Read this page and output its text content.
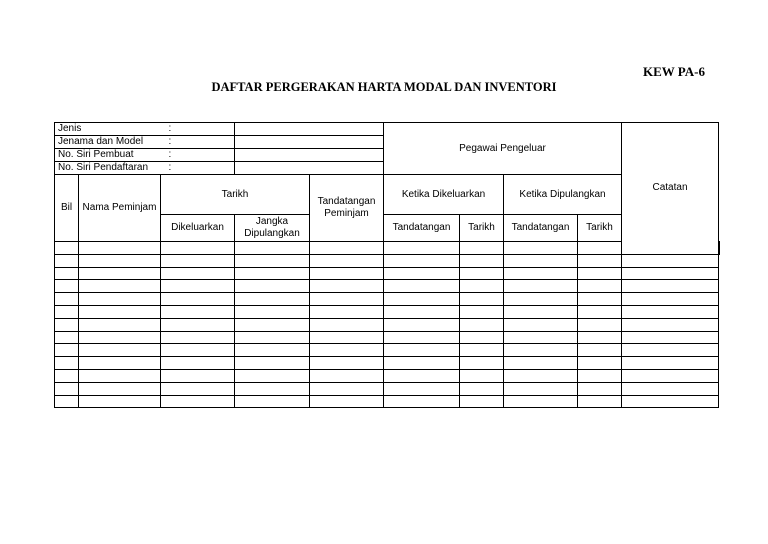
KEW PA-6
DAFTAR PERGERAKAN HARTA MODAL DAN INVENTORI
Jenis :					Pegawai Pengeluar				Catatan	
Jenama dan Model :										

No. Siri Pembuat :										

No. Siri Pendaftaran :										

Bil	Nama Peminjam	Tarikh		Tandatangan Peminjam	Ketika Dikeluarkan		Ketika Dipulangkan			
		Dikeluarkan	Jangka Dipulangkan		Tandatangan	Tarikh	Tandatangan	Tarikh		
